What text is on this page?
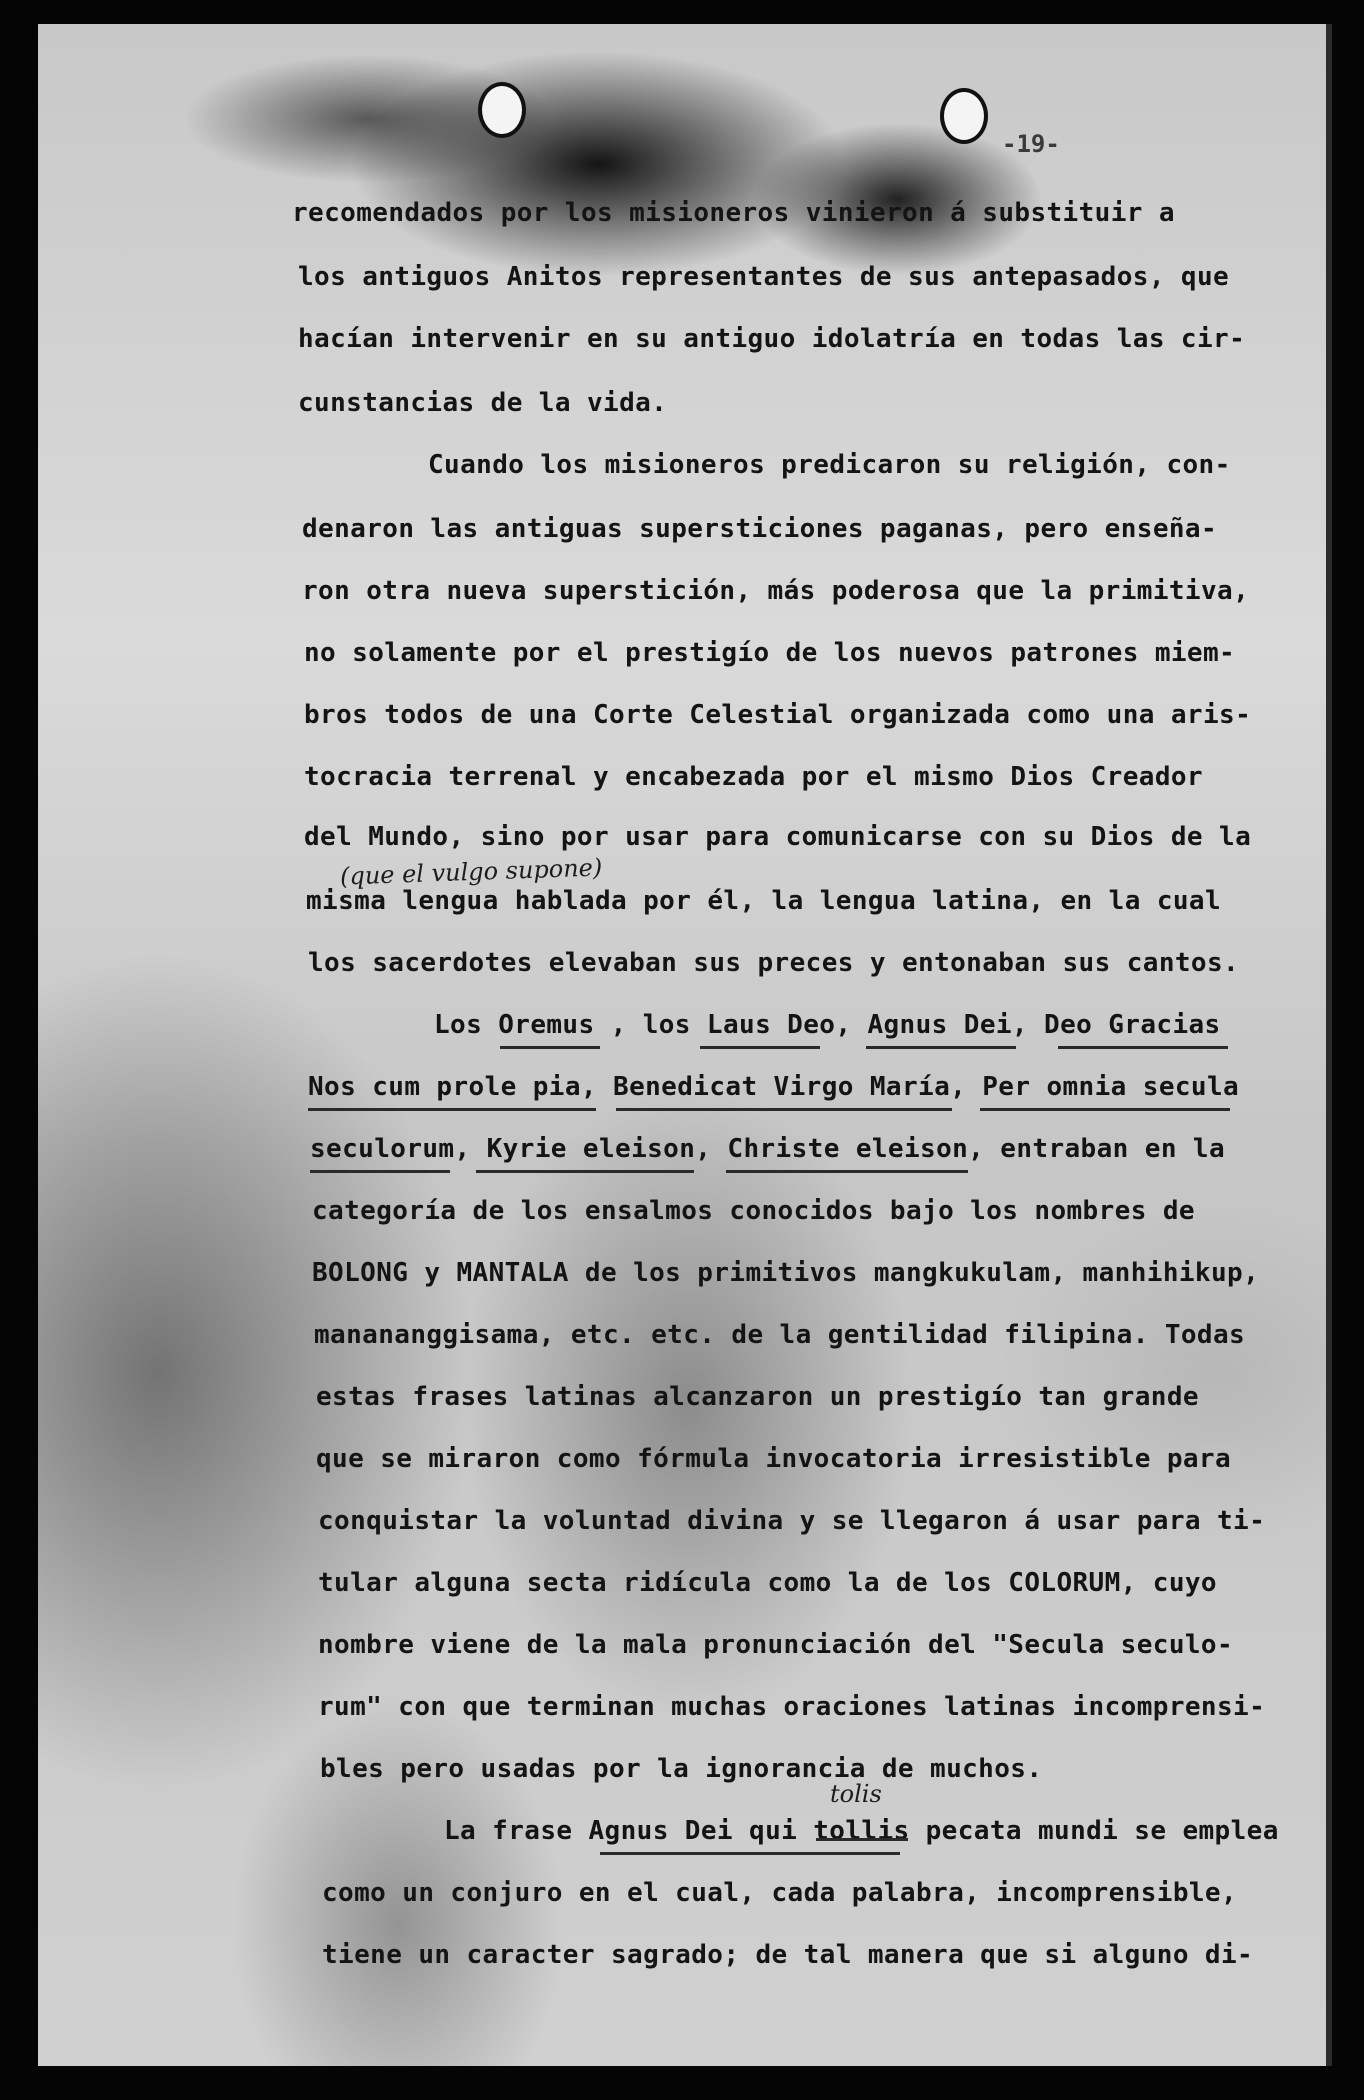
-19-

recomendados por los misioneros vinieron á substituir a

los antiguos Anitos representantes de sus antepasados, que

hacían intervenir en su antiguo idolatría en todas las cir-

cunstancias de la vida.

Cuando los misioneros predicaron su religión, con-

denaron las antiguas supersticiones paganas, pero enseña-

ron otra nueva superstición, más poderosa que la primitiva,

no solamente por el prestigío de los nuevos patrones miem-

bros todos de una Corte Celestial organizada como una aris-

tocracia terrenal y encabezada por el mismo Dios Creador

del Mundo, sino por usar para comunicarse con su Dios de la

(que el vulgo supone)

misma lengua hablada por él, la lengua latina, en la cual

los sacerdotes elevaban sus preces y entonaban sus cantos.

Los Oremus , los Laus Deo, Agnus Dei, Deo Gracias

Nos cum prole pia, Benedicat Virgo María, Per omnia secula

seculorum, Kyrie eleison, Christe eleison, entraban en la

categoría de los ensalmos conocidos bajo los nombres de

BOLONG y MANTALA de los primitivos mangkukulam, manhihikup,

manananggisama, etc. etc. de la gentilidad filipina. Todas

estas frases latinas alcanzaron un prestigío tan grande

que se miraron como fórmula invocatoria irresistible para

conquistar la voluntad divina y se llegaron á usar para ti-

tular alguna secta ridícula como la de los COLORUM, cuyo

nombre viene de la mala pronunciación del "Secula seculo-

rum" con que terminan muchas oraciones latinas incomprensi-

bles pero usadas por la ignorancia de muchos.

tolis

La frase Agnus Dei qui tollis pecata mundi se emplea

como un conjuro en el cual, cada palabra, incomprensible,

tiene un caracter sagrado; de tal manera que si alguno di-
